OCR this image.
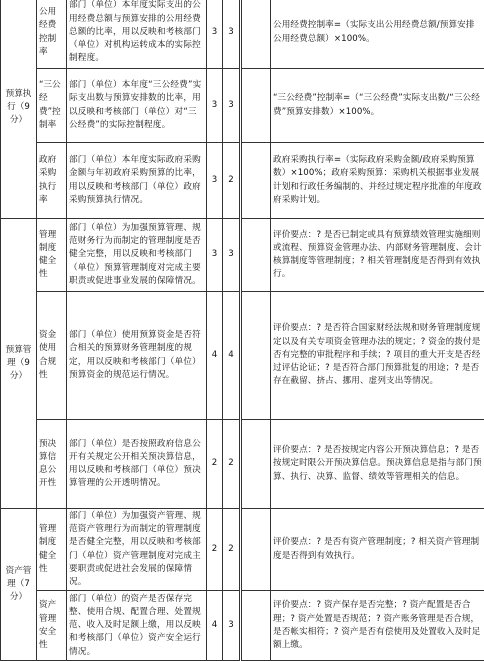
预算执行（9分）	公用经费控制率	部门（单位）本年度实际支出的公用经费总额与预算安排的公用经费总额的比率，用以反映和考核部门（单位）对机构运转成本的实际控制程度。	3	3		公用经费控制率=（实际支出公用经费总额/预算安排公用经费总额）×100%。
	“三公经费”控制率	部门（单位）本年度“三公经费”实际支出数与预算安排数的比率，用以反映和考核部门（单位）对“三公经费”的实际控制程度。	3	3		“三公经费”控制率=（“三公经费”实际支出数/“三公经费”预算安排数）×100%。
	政府采购执行率	部门（单位）本年度实际政府采购金额与年初政府采购预算的比率，用以反映和考核部门（单位）政府采购预算执行情况。	3	2		政府采购执行率=（实际政府采购金额/政府采购预算数）×100%；政府采购预算：采购机关根据事业发展计划和行政任务编制的、并经过规定程序批准的年度政府采购计划。
预算管理（9分）	管理制度健全性	部门（单位）为加强预算管理、规范财务行为而制定的管理制度是否健全完整，用以反映和考核部门（单位）预算管理制度对完成主要职责或促进事业发展的保障情况。	3	3		评价要点：? 是否已制定或具有预算绩效管理实施细则或流程、预算资金管理办法、内部财务管理制度、会计核算制度等管理制度；? 相关管理制度是否得到有效执行。
	资金使用合规性	部门（单位）使用预算资金是否符合相关的预算财务管理制度的规定，用以反映和考核部门（单位）预算资金的规范运行情况。	4	4		评价要点：? 是否符合国家财经法规和财务管理制度规定以及有关专项资金管理办法的规定；? 资金的拨付是否有完整的审批程序和手续；? 项目的重大开支是否经过评估论证；? 是否符合部门预算批复的用途；? 是否存在截留、挤占、挪用、虚列支出等情况。
	预决算信息公开性	部门（单位）是否按照政府信息公开有关规定公开相关预决算信息，用以反映和考核部门（单位）预决算管理的公开透明情况。	2	2		评价要点：? 是否按规定内容公开预决算信息；? 是否按规定时限公开预决算信息。预决算信息是指与部门预算、执行、决算、监督、绩效等管理相关的信息。
资产管理（7分）	管理制度健全性	部门（单位）为加强资产管理、规范资产管理行为而制定的管理制度是否健全完整，用以反映和考核部门（单位）资产管理制度对完成主要职责或促进社会发展的保障情况。	2	2		评价要点：? 是否有资产管理制度；? 相关资产管理制度是否得到有效执行。
	资产管理安全性	部门（单位）的资产是否保存完整、使用合规、配置合理、处置规范、收入及时足额上缴，用以反映和考核部门（单位）资产安全运行情况。	4	3		评价要点：? 资产保存是否完整；? 资产配置是否合理；? 资产处置是否规范；? 资产账务管理是否合规，是否帐实相符；? 资产是否有偿使用及处置收入及时足额上缴。
